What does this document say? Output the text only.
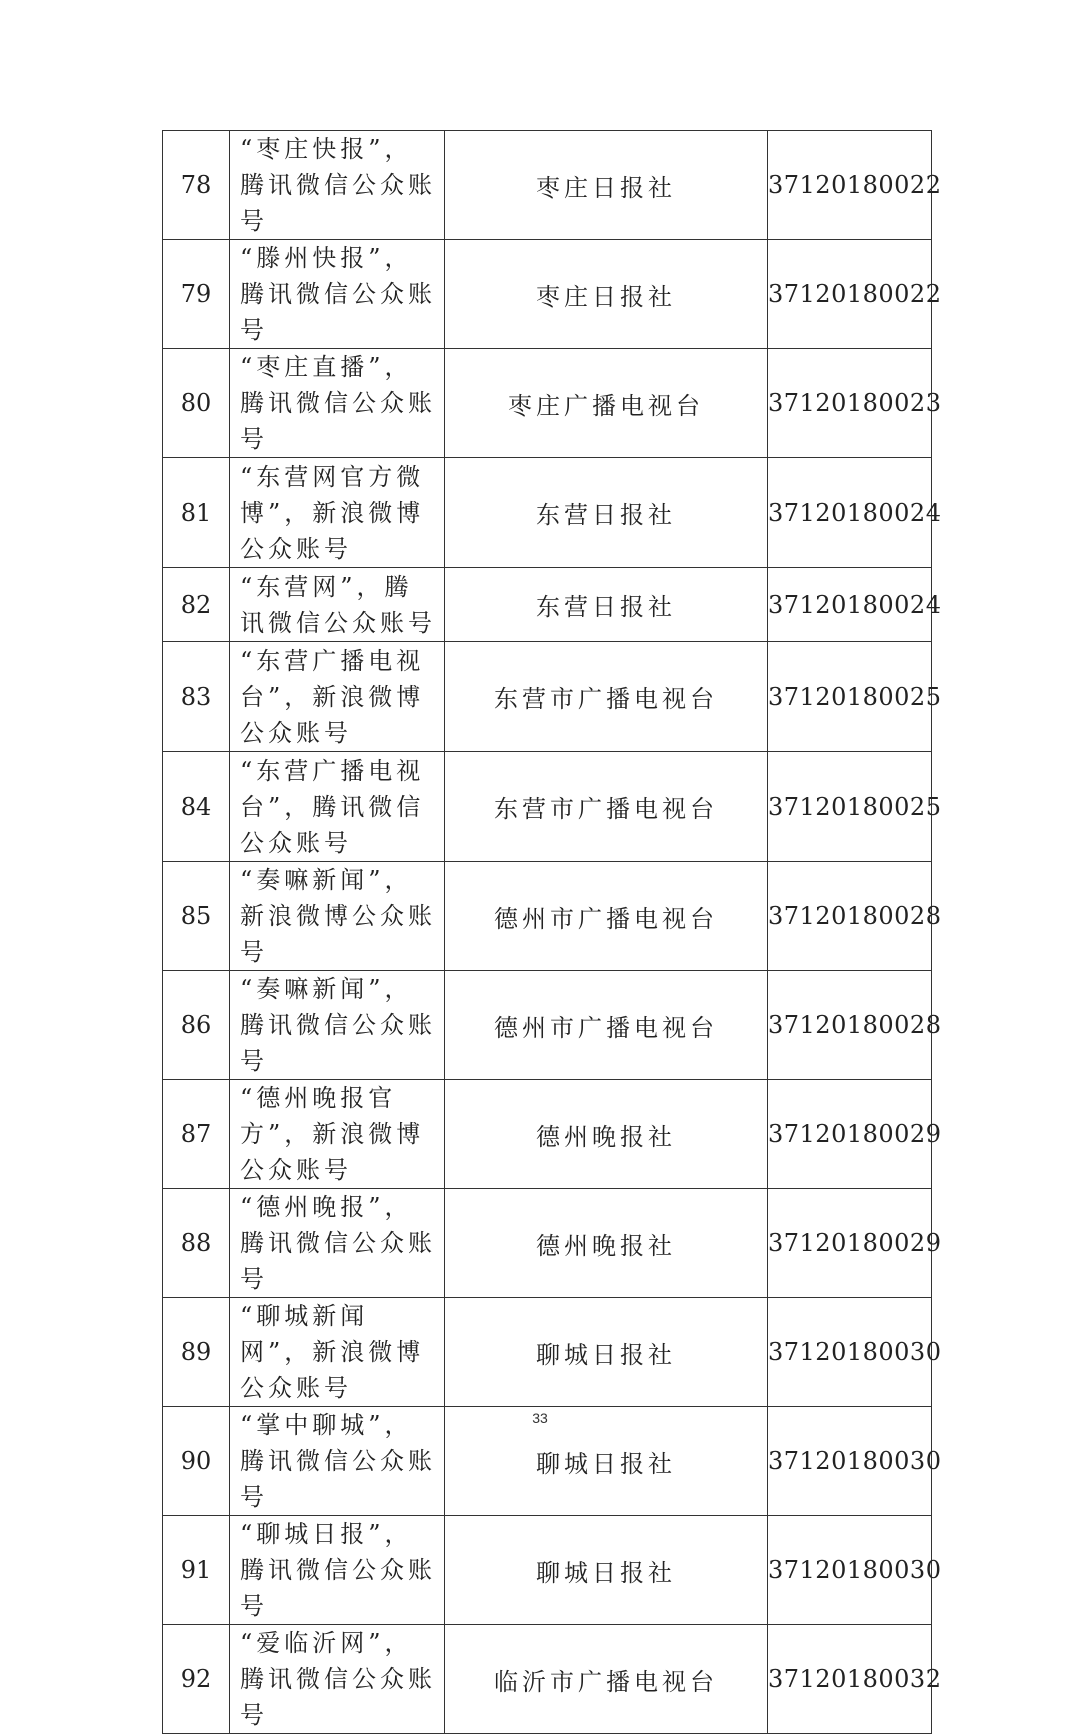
78	“枣庄快报”，腾讯微信公众账号	枣庄日报社	37120180022
79	“滕州快报”，腾讯微信公众账号	枣庄日报社	37120180022
80	“枣庄直播”，腾讯微信公众账号	枣庄广播电视台	37120180023
81	“东营网官方微博”，新浪微博公众账号	东营日报社	37120180024
82	“东营网”，腾讯微信公众账号	东营日报社	37120180024
83	“东营广播电视台”，新浪微博公众账号	东营市广播电视台	37120180025
84	“东营广播电视台”，腾讯微信公众账号	东营市广播电视台	37120180025
85	“奏嘛新闻”，新浪微博公众账号	德州市广播电视台	37120180028
86	“奏嘛新闻”，腾讯微信公众账号	德州市广播电视台	37120180028
87	“德州晚报官方”，新浪微博公众账号	德州晚报社	37120180029
88	“德州晚报”，腾讯微信公众账号	德州晚报社	37120180029
89	“聊城新闻网”，新浪微博公众账号	聊城日报社	37120180030
90	“掌中聊城”，腾讯微信公众账号	聊城日报社	37120180030
91	“聊城日报”，腾讯微信公众账号	聊城日报社	37120180030
92	“爱临沂网”，腾讯微信公众账号	临沂市广播电视台	37120180032
33
